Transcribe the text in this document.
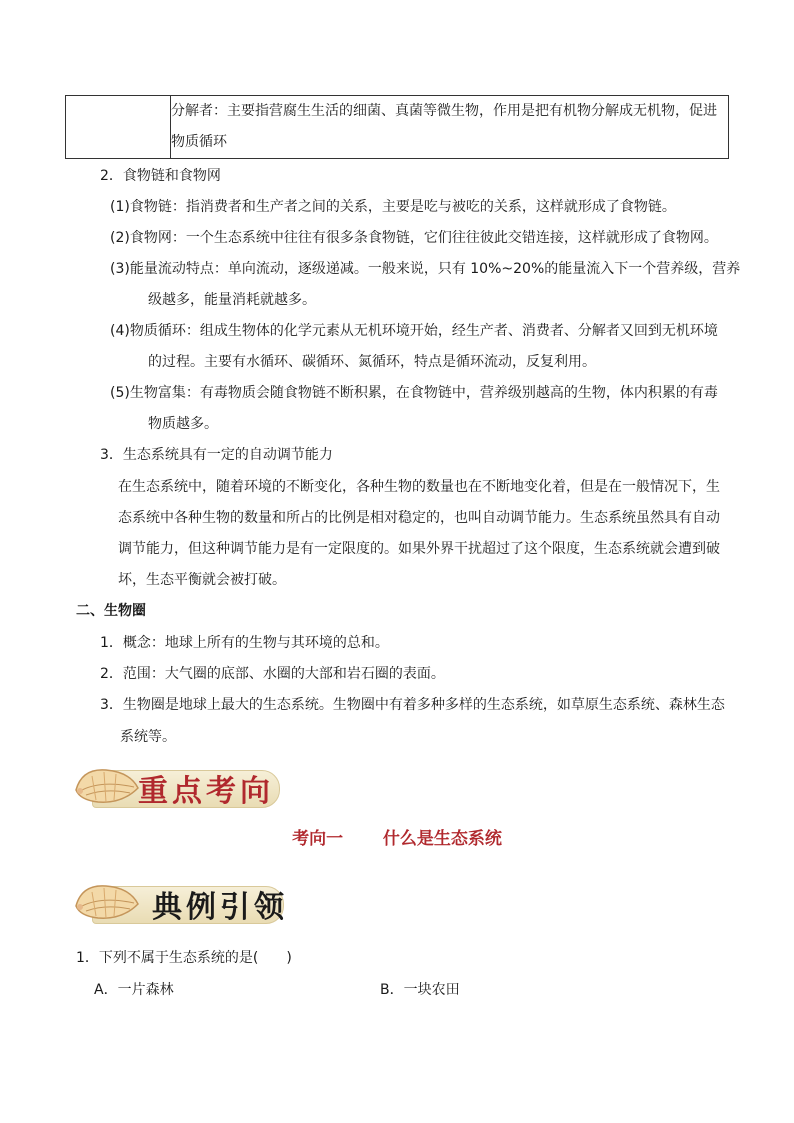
分解者：主要指营腐生生活的细菌、真菌等微生物，作用是把有机物分解成无机物，促进
物质循环
2．食物链和食物网
(1)食物链：指消费者和生产者之间的关系，主要是吃与被吃的关系，这样就形成了食物链。
(2)食物网：一个生态系统中往往有很多条食物链，它们往往彼此交错连接，这样就形成了食物网。
(3)能量流动特点：单向流动，逐级递减。一般来说，只有 10%~20%的能量流入下一个营养级，营养
级越多，能量消耗就越多。
(4)物质循环：组成生物体的化学元素从无机环境开始，经生产者、消费者、分解者又回到无机环境
的过程。主要有水循环、碳循环、氮循环，特点是循环流动，反复利用。
(5)生物富集：有毒物质会随食物链不断积累，在食物链中，营养级别越高的生物，体内积累的有毒
物质越多。
3．生态系统具有一定的自动调节能力
在生态系统中，随着环境的不断变化，各种生物的数量也在不断地变化着，但是在一般情况下，生
态系统中各种生物的数量和所占的比例是相对稳定的，也叫自动调节能力。生态系统虽然具有自动
调节能力，但这种调节能力是有一定限度的。如果外界干扰超过了这个限度，生态系统就会遭到破
坏，生态平衡就会被打破。
二、生物圈
1．概念：地球上所有的生物与其环境的总和。
2．范围：大气圈的底部、水圈的大部和岩石圈的表面。
3．生物圈是地球上最大的生态系统。生物圈中有着多种多样的生态系统，如草原生态系统、森林生态
系统等。
重点考向
考向一 什么是生态系统
典例引领
1．下列不属于生态系统的是(　　)
A．一片森林	B．一块农田
